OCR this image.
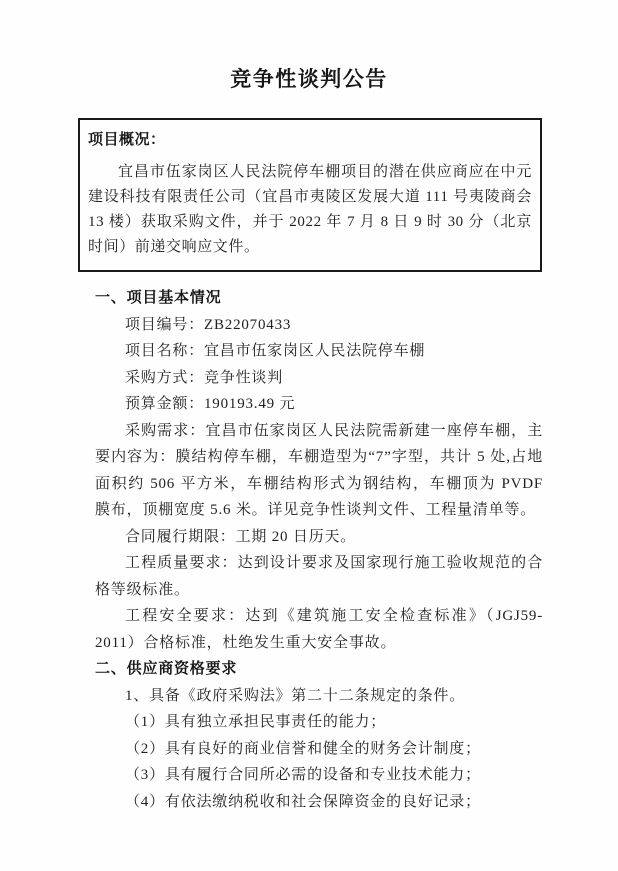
竞争性谈判公告
项目概况：

宜昌市伍家岗区人民法院停车棚项目的潜在供应商应在中元建设科技有限责任公司（宜昌市夷陵区发展大道 111 号夷陵商会 13 楼）获取采购文件，并于 2022 年 7 月 8 日 9 时 30 分（北京时间）前递交响应文件。

一、项目基本情况

项目编号：ZB22070433

项目名称：宜昌市伍家岗区人民法院停车棚

采购方式：竞争性谈判

预算金额：190193.49 元

采购需求：宜昌市伍家岗区人民法院需新建一座停车棚，主要内容为：膜结构停车棚，车棚造型为“7”字型，共计 5 处,占地面积约 506 平方米，车棚结构形式为钢结构，车棚顶为 PVDF 膜布，顶棚宽度 5.6 米。详见竞争性谈判文件、工程量清单等。

合同履行期限：工期 20 日历天。

工程质量要求：达到设计要求及国家现行施工验收规范的合格等级标准。

工程安全要求：达到《建筑施工安全检查标准》（JGJ59-2011）合格标准，杜绝发生重大安全事故。

二、供应商资格要求

1、具备《政府采购法》第二十二条规定的条件。

（1）具有独立承担民事责任的能力；

（2）具有良好的商业信誉和健全的财务会计制度；

（3）具有履行合同所必需的设备和专业技术能力；

（4）有依法缴纳税收和社会保障资金的良好记录；
